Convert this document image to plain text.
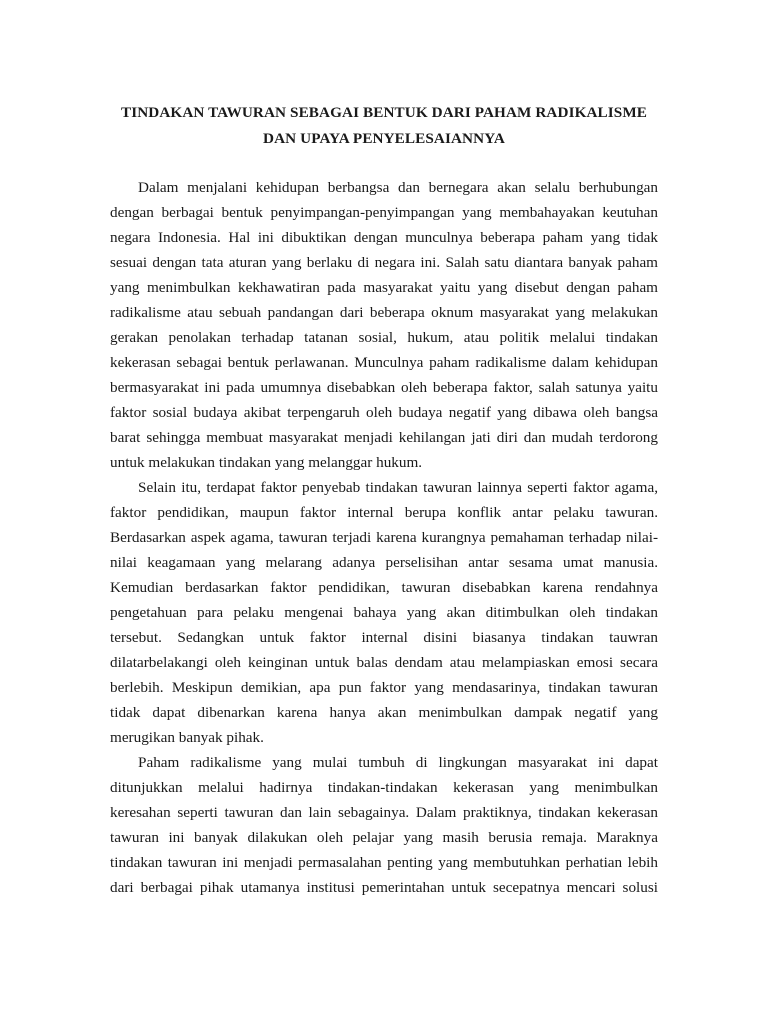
TINDAKAN TAWURAN SEBAGAI BENTUK DARI PAHAM RADIKALISME
DAN UPAYA PENYELESAIANNYA
Dalam menjalani kehidupan berbangsa dan bernegara akan selalu berhubungan
dengan berbagai bentuk penyimpangan-penyimpangan yang membahayakan keutuhan
negara Indonesia. Hal ini dibuktikan dengan munculnya beberapa paham yang tidak
sesuai dengan tata aturan yang berlaku di negara ini. Salah satu diantara banyak paham
yang menimbulkan kekhawatiran pada masyarakat yaitu yang disebut dengan paham
radikalisme atau sebuah pandangan dari beberapa oknum masyarakat yang melakukan
gerakan penolakan terhadap tatanan sosial, hukum, atau politik melalui tindakan
kekerasan sebagai bentuk perlawanan. Munculnya paham radikalisme dalam kehidupan
bermasyarakat ini pada umumnya disebabkan oleh beberapa faktor, salah satunya yaitu
faktor sosial budaya akibat terpengaruh oleh budaya negatif yang dibawa oleh bangsa
barat sehingga membuat masyarakat menjadi kehilangan jati diri dan mudah terdorong
untuk melakukan tindakan yang melanggar hukum.
Selain itu, terdapat faktor penyebab tindakan tawuran lainnya seperti faktor agama,
faktor pendidikan, maupun faktor internal berupa konflik antar pelaku tawuran.
Berdasarkan aspek agama, tawuran terjadi karena kurangnya pemahaman terhadap nilai-
nilai keagamaan yang melarang adanya perselisihan antar sesama umat manusia.
Kemudian berdasarkan faktor pendidikan, tawuran disebabkan karena rendahnya
pengetahuan para pelaku mengenai bahaya yang akan ditimbulkan oleh tindakan
tersebut. Sedangkan untuk faktor internal disini biasanya tindakan tauwran
dilatarbelakangi oleh keinginan untuk balas dendam atau melampiaskan emosi secara
berlebih. Meskipun demikian, apa pun faktor yang mendasarinya, tindakan tawuran
tidak dapat dibenarkan karena hanya akan menimbulkan dampak negatif yang
merugikan banyak pihak.
Paham radikalisme yang mulai tumbuh di lingkungan masyarakat ini dapat
ditunjukkan melalui hadirnya tindakan-tindakan kekerasan yang menimbulkan
keresahan seperti tawuran dan lain sebagainya. Dalam praktiknya, tindakan kekerasan
tawuran ini banyak dilakukan oleh pelajar yang masih berusia remaja. Maraknya
tindakan tawuran ini menjadi permasalahan penting yang membutuhkan perhatian lebih
dari berbagai pihak utamanya institusi pemerintahan untuk secepatnya mencari solusi
